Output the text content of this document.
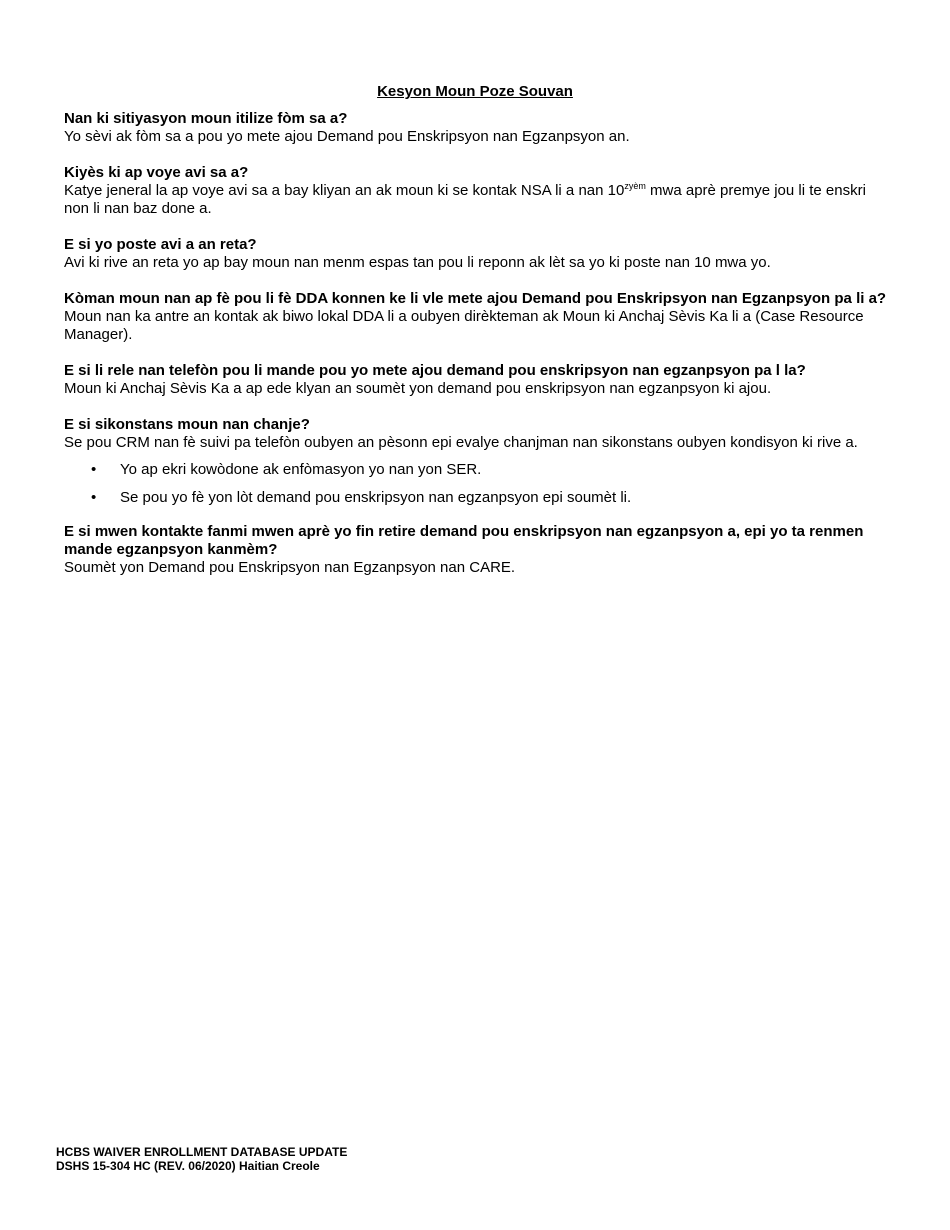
Kesyon Moun Poze Souvan

Nan ki sitiyasyon moun itilize fòm sa a?

Yo sèvi ak fòm sa a pou yo mete ajou Demand pou Enskripsyon nan Egzanpsyon an.

Kiyès ki ap voye avi sa a?

Katye jeneral la ap voye avi sa a bay kliyan an ak moun ki se kontak NSA li a nan $10^{zyèm}$ mwa aprè premye jou li te enskri non li nan baz done a.

E si yo poste avi a an reta?

Avi ki rive an reta yo ap bay moun nan menm espas tan pou li reponn ak lèt sa yo ki poste nan 10 mwa yo.

Kòman moun nan ap fè pou li fè DDA konnen ke li vle mete ajou Demand pou Enskripsyon nan Egzanpsyon pa li a?

Moun nan ka antre an kontak ak biwo lokal DDA li a oubyen dirèkteman ak Moun ki Anchaj Sèvis Ka li a (Case Resource Manager).

E si li rele nan telefòn pou li mande pou yo mete ajou demand pou enskripsyon nan egzanpsyon pa l la?

Moun ki Anchaj Sèvis Ka a ap ede klyan an soumèt yon demand pou enskripsyon nan egzanpsyon ki ajou.

E si sikonstans moun nan chanje?

Se pou CRM nan fè suivi pa telefòn oubyen an pèsonn epi evalye chanjman nan sikonstans oubyen kondisyon ki rive a.

• Yo ap ekri kowòdone ak enfòmasyon yo nan yon SER.
• Se pou yo fè yon lòt demand pou enskripsyon nan egzanpsyon epi soumèt li.

E si mwen kontakte fanmi mwen aprè yo fin retire demand pou enskripsyon nan egzanpsyon a, epi yo ta renmen mande egzanpsyon kanmèm?

Soumèt yon Demand pou Enskripsyon nan Egzanpsyon nan CARE.

HCBS WAIVER ENROLLMENT DATABASE UPDATE
DSHS 15-304 HC (REV. 06/2020) Haitian Creole
